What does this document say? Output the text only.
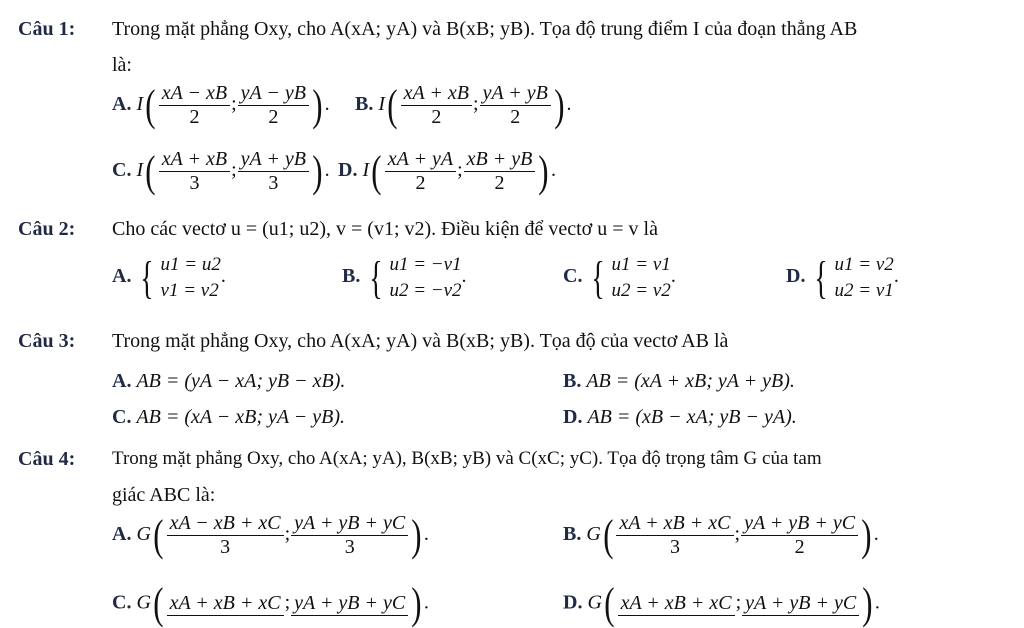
Câu 1: Trong mặt phẳng Oxy, cho A(xA; yA) và B(xB; yB). Tọa độ trung điểm I của đoạn thẳng AB
là:
A. $I( \frac{xA - xB}{2}$ ; $\frac{yA - yB}{2}$ ) . B. $I( \frac{xA + xB}{2}$ ; $\frac{yA + yB}{2}$ ) .
C. $I( \frac{xA + xB}{3}$ ; $\frac{yA + yB}{3}$ ) . D. $I( \frac{xA + yA}{2}$ ; $\frac{xB + yB}{2}$ ) .
Câu 2: Cho các vectơ u = (u1; u2), v = (v1; v2). Điều kiện để vectơ u = v là
A. { u1 = u2
v1 = v2
.	B. { u1 = −v1
u2 = −v2
.	C. { u1 = v1
u2 = v2
.	D. { u1 = v2
u2 = v1
.
Câu 3: Trong mặt phẳng Oxy, cho A(xA; yA) và B(xB; yB). Tọa độ của vectơ AB là
A. AB = (yA − xA; yB − xB).	B. AB = (xA + xB; yA + yB).
C. AB = (xA − xB; yA − yB).	D. AB = (xB − xA; yB − yA).
Câu 4: Trong mặt phẳng Oxy, cho A(xA; yA), B(xB; yB) và C(xC; yC). Tọa độ trọng tâm G của tam
giác ABC là:
A. $G( \frac{xA - xB + xC}{3}$ ; $\frac{yA + yB + yC}{3}$ ) .	B. $G( \frac{xA + xB + xC}{3}$ ; $\frac{yA + yB + yC}{2}$ ) .
C. G( xA + xB + xC ; yA + yB + yC ) .	D. G( xA + xB + xC ; yA + yB + yC ) .
